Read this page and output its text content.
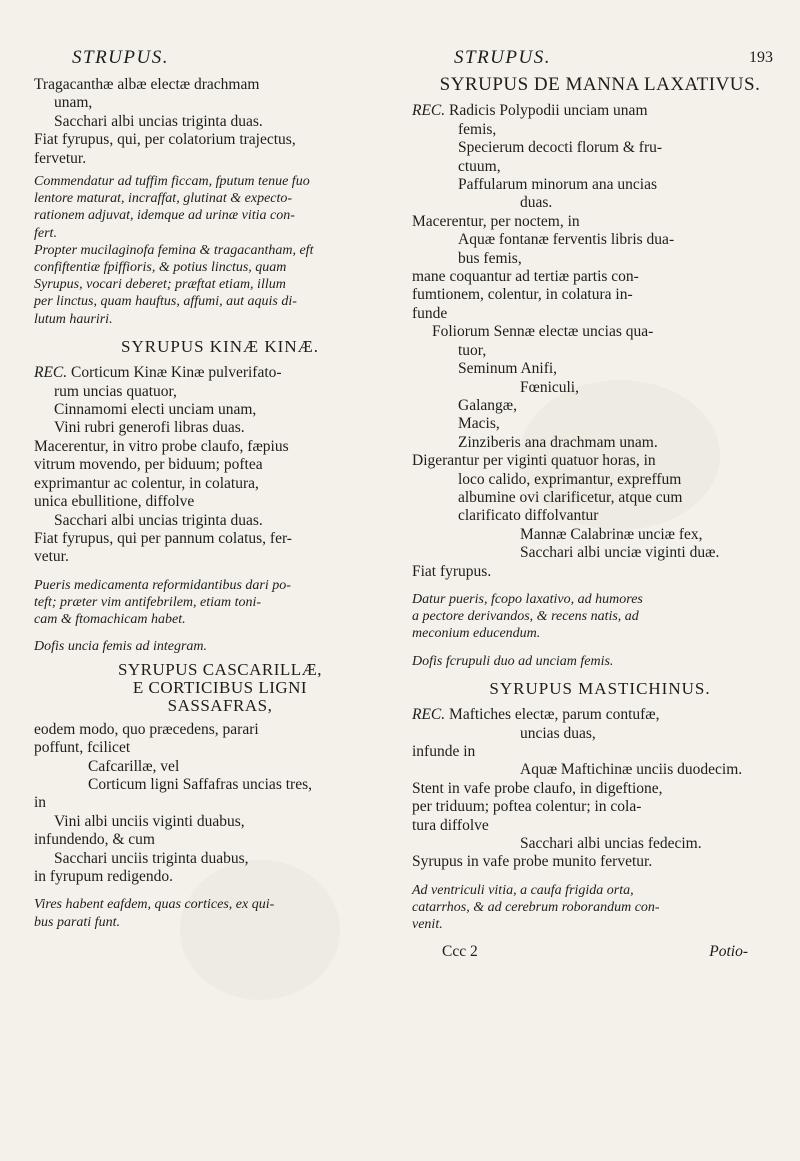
STRUPUS.	STRUPUS.	193

Tragacanthæ albæ electæ drachmam

unam,

Sacchari albi uncias triginta duas.

Fiat fyrupus, qui, per colatorium trajectus,

fervetur.

Commendatur ad tuffim ficcam, fputum tenue fuo

lentore maturat, incraffat, glutinat & expecto-

rationem adjuvat, idemque ad urinæ vitia con-

fert.

Propter mucilaginofa femina & tragacantham, eft

confiftentiæ fpiffioris, & potius linctus, quam

Syrupus, vocari deberet; præftat etiam, illum

per linctus, quam hauftus, affumi, aut aquis di-

lutum hauriri.

SYRUPUS KINÆ KINÆ.

REC. Corticum Kinæ Kinæ pulverifato-

rum uncias quatuor,

Cinnamomi electi unciam unam,

Vini rubri generofi libras duas.

Macerentur, in vitro probe claufo, fæpius

vitrum movendo, per biduum; poftea

exprimantur ac colentur, in colatura,

unica ebullitione, diffolve

Sacchari albi uncias triginta duas.

Fiat fyrupus, qui per pannum colatus, fer-

vetur.

Pueris medicamenta reformidantibus dari po-

teft; præter vim antifebrilem, etiam toni-

cam & ftomachicam habet.

Dofis uncia femis ad integram.

SYRUPUS CASCARILLÆ,

E CORTICIBUS LIGNI

SASSAFRAS,

eodem modo, quo præcedens, parari

poffunt, fcilicet

Cafcarillæ, vel

Corticum ligni Saffafras uncias tres,

in

Vini albi unciis viginti duabus,

infundendo, & cum

Sacchari unciis triginta duabus,

in fyrupum redigendo.

Vires habent eafdem, quas cortices, ex qui-

bus parati funt.

SYRUPUS DE MANNA LAXATIVUS.

REC. Radicis Polypodii unciam unam

femis,

Specierum decocti florum & fru-

ctuum,

Paffularum minorum ana uncias

duas.

Macerentur, per noctem, in

Aquæ fontanæ ferventis libris dua-

bus femis,

mane coquantur ad tertiæ partis con-

fumtionem, colentur, in colatura in-

funde

Foliorum Sennæ electæ uncias qua-

tuor,

Seminum Anifi,

Fœniculi,

Galangæ,

Macis,

Zinziberis ana drachmam unam.

Digerantur per viginti quatuor horas, in

loco calido, exprimantur, expreffum

albumine ovi clarificetur, atque cum

clarificato diffolvantur

Mannæ Calabrinæ unciæ fex,

Sacchari albi unciæ viginti duæ.

Fiat fyrupus.

Datur pueris, fcopo laxativo, ad humores

a pectore derivandos, & recens natis, ad

meconium educendum.

Dofis fcrupuli duo ad unciam femis.

SYRUPUS MASTICHINUS.

REC. Maftiches electæ, parum contufæ,

uncias duas,

infunde in

Aquæ Maftichinæ unciis duodecim.

Stent in vafe probe claufo, in digeftione,

per triduum; poftea colentur; in cola-

tura diffolve

Sacchari albi uncias fedecim.

Syrupus in vafe probe munito fervetur.

Ad ventriculi vitia, a caufa frigida orta,

catarrhos, & ad cerebrum roborandum con-

venit.

Ccc 2	Potio-
